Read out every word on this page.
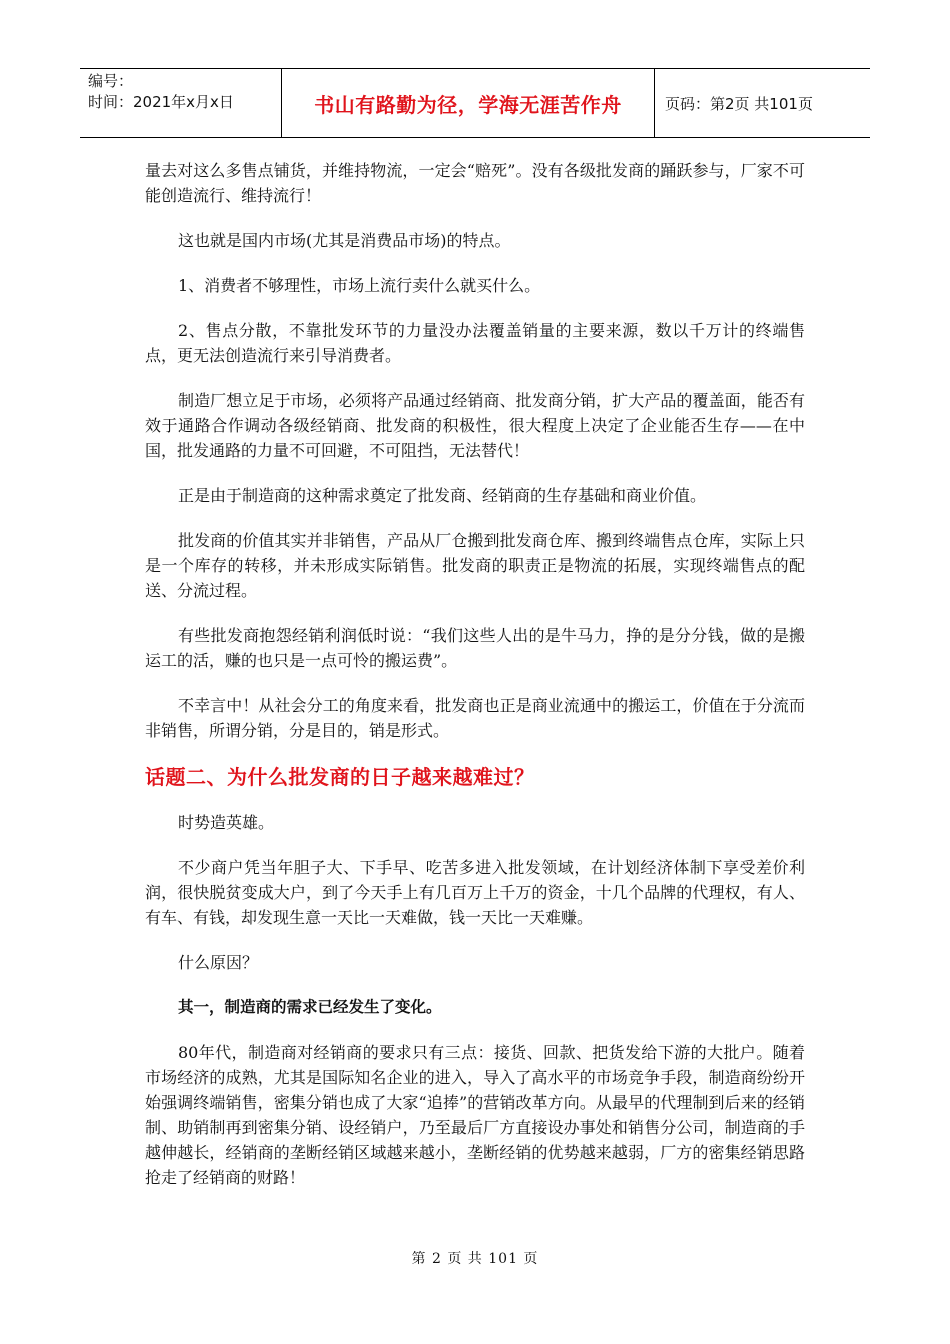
编号：
时间：2021年x月x日	书山有路勤为径，学海无涯苦作舟	页码：第2页 共101页

量去对这么多售点铺货，并维持物流，一定会“赔死”。没有各级批发商的踊跃参与，厂家不可能创造流行、维持流行！

这也就是国内市场(尤其是消费品市场)的特点。

1、消费者不够理性，市场上流行卖什么就买什么。

2、售点分散，不靠批发环节的力量没办法覆盖销量的主要来源，数以千万计的终端售点，更无法创造流行来引导消费者。

制造厂想立足于市场，必须将产品通过经销商、批发商分销，扩大产品的覆盖面，能否有效于通路合作调动各级经销商、批发商的积极性，很大程度上决定了企业能否生存——在中国，批发通路的力量不可回避，不可阻挡，无法替代！

正是由于制造商的这种需求奠定了批发商、经销商的生存基础和商业价值。

批发商的价值其实并非销售，产品从厂仓搬到批发商仓库、搬到终端售点仓库，实际上只是一个库存的转移，并未形成实际销售。批发商的职责正是物流的拓展，实现终端售点的配送、分流过程。

有些批发商抱怨经销利润低时说：“我们这些人出的是牛马力，挣的是分分钱，做的是搬运工的活，赚的也只是一点可怜的搬运费”。

不幸言中！从社会分工的角度来看，批发商也正是商业流通中的搬运工，价值在于分流而非销售，所谓分销，分是目的，销是形式。

话题二、为什么批发商的日子越来越难过？

时势造英雄。

不少商户凭当年胆子大、下手早、吃苦多进入批发领域，在计划经济体制下享受差价利润，很快脱贫变成大户，到了今天手上有几百万上千万的资金，十几个品牌的代理权，有人、有车、有钱，却发现生意一天比一天难做，钱一天比一天难赚。

什么原因？

其一，制造商的需求已经发生了变化。

80年代，制造商对经销商的要求只有三点：接货、回款、把货发给下游的大批户。随着市场经济的成熟，尤其是国际知名企业的进入，导入了高水平的市场竞争手段，制造商纷纷开始强调终端销售，密集分销也成了大家“追捧”的营销改革方向。从最早的代理制到后来的经销制、助销制再到密集分销、设经销户，乃至最后厂方直接设办事处和销售分公司，制造商的手越伸越长，经销商的垄断经销区域越来越小，垄断经销的优势越来越弱，厂方的密集经销思路抢走了经销商的财路！

第 2 页 共 101 页
